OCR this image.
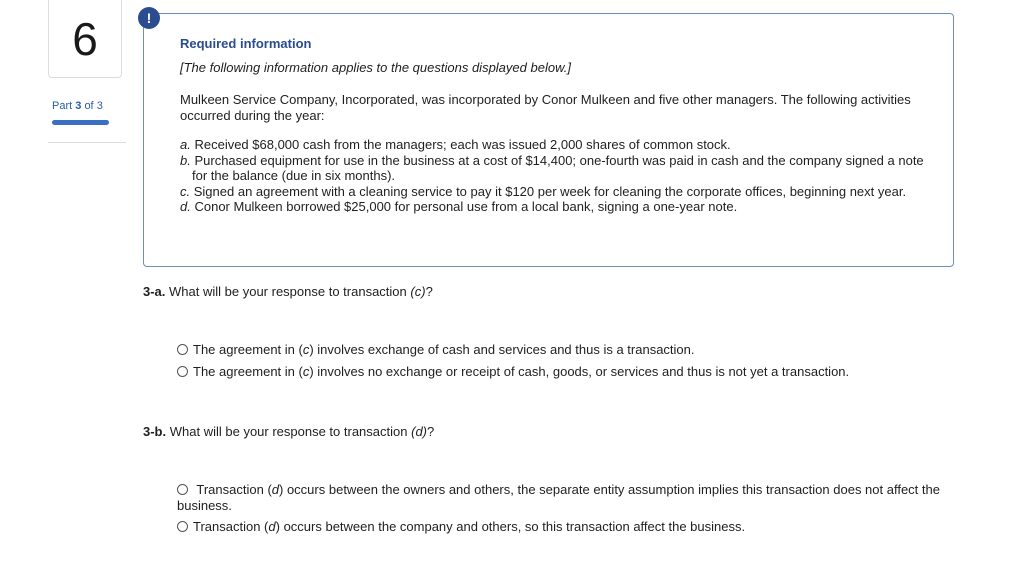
6
Part 3 of 3
Required information
[The following information applies to the questions displayed below.]
Mulkeen Service Company, Incorporated, was incorporated by Conor Mulkeen and five other managers. The following activities occurred during the year:
a. Received $68,000 cash from the managers; each was issued 2,000 shares of common stock.
b. Purchased equipment for use in the business at a cost of $14,400; one-fourth was paid in cash and the company signed a note for the balance (due in six months).
c. Signed an agreement with a cleaning service to pay it $120 per week for cleaning the corporate offices, beginning next year.
d. Conor Mulkeen borrowed $25,000 for personal use from a local bank, signing a one-year note.
!
3-a. What will be your response to transaction (c)?
The agreement in (c) involves exchange of cash and services and thus is a transaction.
The agreement in (c) involves no exchange or receipt of cash, goods, or services and thus is not yet a transaction.
3-b. What will be your response to transaction (d)?
Transaction (d) occurs between the owners and others, the separate entity assumption implies this transaction does not affect the business.
Transaction (d) occurs between the company and others, so this transaction affect the business.
